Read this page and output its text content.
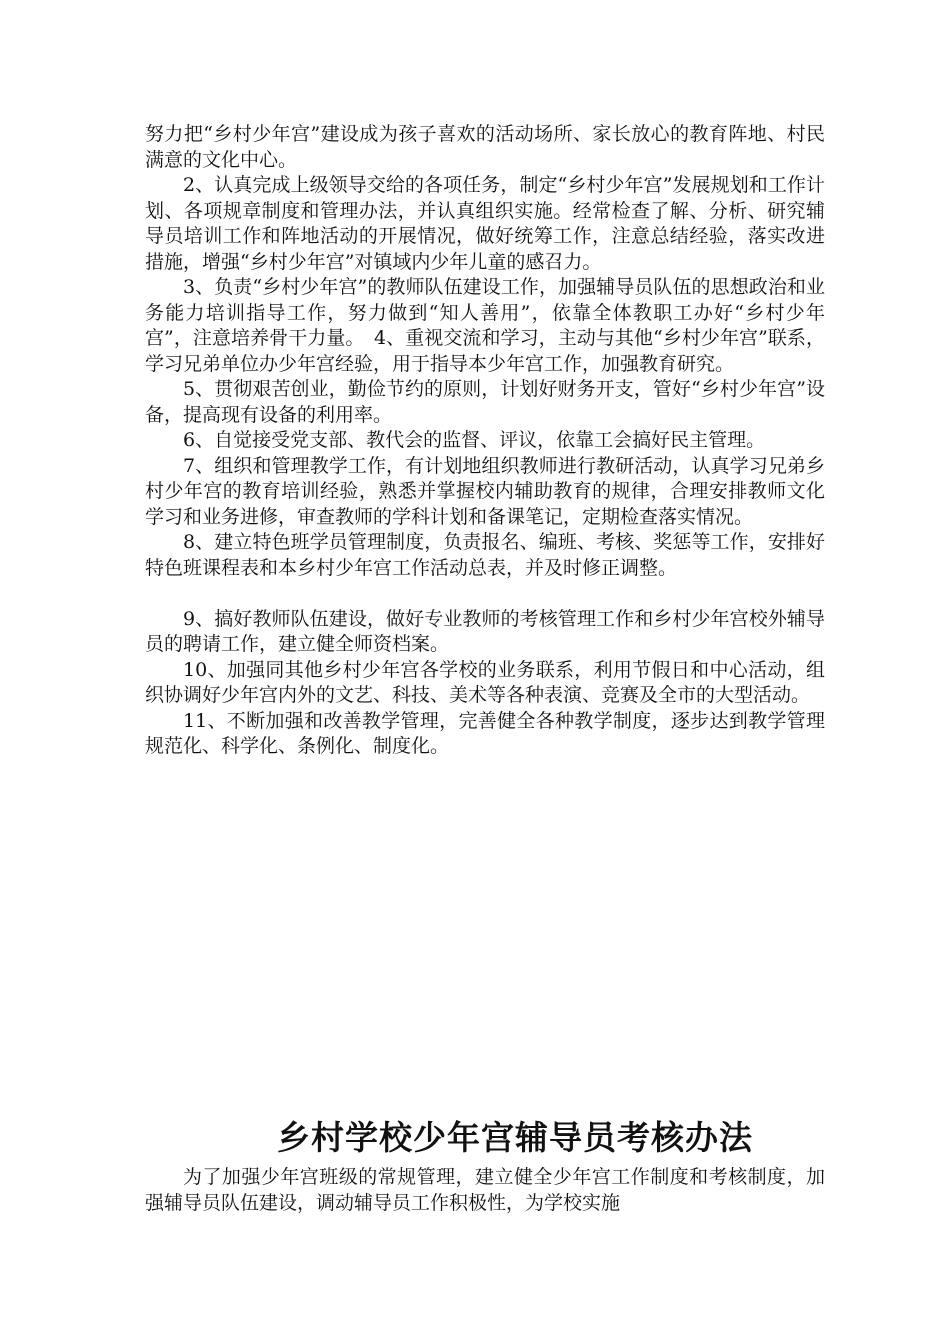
努力把“乡村少年宫”建设成为孩子喜欢的活动场所、家长放心的教育阵地、村民满意的文化中心。

2、认真完成上级领导交给的各项任务，制定“乡村少年宫”发展规划和工作计划、各项规章制度和管理办法，并认真组织实施。经常检查了解、分析、研究辅导员培训工作和阵地活动的开展情况，做好统筹工作，注意总结经验，落实改进措施，增强“乡村少年宫”对镇域内少年儿童的感召力。

3、负责“乡村少年宫”的教师队伍建设工作，加强辅导员队伍的思想政治和业务能力培训指导工作，努力做到“知人善用”，依靠全体教职工办好“乡村少年宫”，注意培养骨干力量。　4、重视交流和学习，主动与其他“乡村少年宫”联系，学习兄弟单位办少年宫经验，用于指导本少年宫工作，加强教育研究。

5、贯彻艰苦创业，勤俭节约的原则，计划好财务开支，管好“乡村少年宫”设备，提高现有设备的利用率。

6、自觉接受党支部、教代会的监督、评议，依靠工会搞好民主管理。

7、组织和管理教学工作，有计划地组织教师进行教研活动，认真学习兄弟乡村少年宫的教育培训经验，熟悉并掌握校内辅助教育的规律，合理安排教师文化学习和业务进修，审查教师的学科计划和备课笔记，定期检查落实情况。

8、建立特色班学员管理制度，负责报名、编班、考核、奖惩等工作，安排好特色班课程表和本乡村少年宫工作活动总表，并及时修正调整。

9、搞好教师队伍建设，做好专业教师的考核管理工作和乡村少年宫校外辅导员的聘请工作，建立健全师资档案。

10、加强同其他乡村少年宫各学校的业务联系，利用节假日和中心活动，组织协调好少年宫内外的文艺、科技、美术等各种表演、竞赛及全市的大型活动。

11、不断加强和改善教学管理，完善健全各种教学制度，逐步达到教学管理规范化、科学化、条例化、制度化。

乡村学校少年宫辅导员考核办法

为了加强少年宫班级的常规管理，建立健全少年宫工作制度和考核制度，加强辅导员队伍建设，调动辅导员工作积极性，为学校实施
